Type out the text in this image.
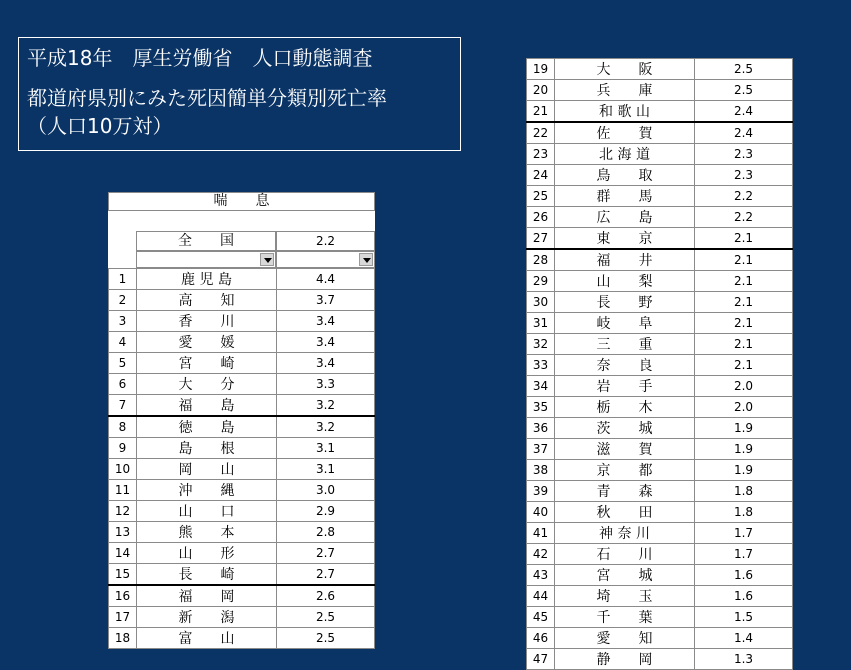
平成18年　厚生労働省　人口動態調査
都道府県別にみた死因簡単分類別死亡率
（人口10万対）
喘　　息
全　　国	2.2
1	鹿 児 島	4.4
2	高　　知	3.7
3	香　　川	3.4
4	愛　　媛	3.4
5	宮　　崎	3.4
6	大　　分	3.3
7	福　　島	3.2
8	徳　　島	3.2
9	島　　根	3.1
10	岡　　山	3.1
11	沖　　縄	3.0
12	山　　口	2.9
13	熊　　本	2.8
14	山　　形	2.7
15	長　　崎	2.7
16	福　　岡	2.6
17	新　　潟	2.5
18	富　　山	2.5
19	大　　阪	2.5
20	兵　　庫	2.5
21	和 歌 山	2.4
22	佐　　賀	2.4
23	北 海 道	2.3
24	鳥　　取	2.3
25	群　　馬	2.2
26	広　　島	2.2
27	東　　京	2.1
28	福　　井	2.1
29	山　　梨	2.1
30	長　　野	2.1
31	岐　　阜	2.1
32	三　　重	2.1
33	奈　　良	2.1
34	岩　　手	2.0
35	栃　　木	2.0
36	茨　　城	1.9
37	滋　　賀	1.9
38	京　　都	1.9
39	青　　森	1.8
40	秋　　田	1.8
41	神 奈 川	1.7
42	石　　川	1.7
43	宮　　城	1.6
44	埼　　玉	1.6
45	千　　葉	1.5
46	愛　　知	1.4
47	静　　岡	1.3
